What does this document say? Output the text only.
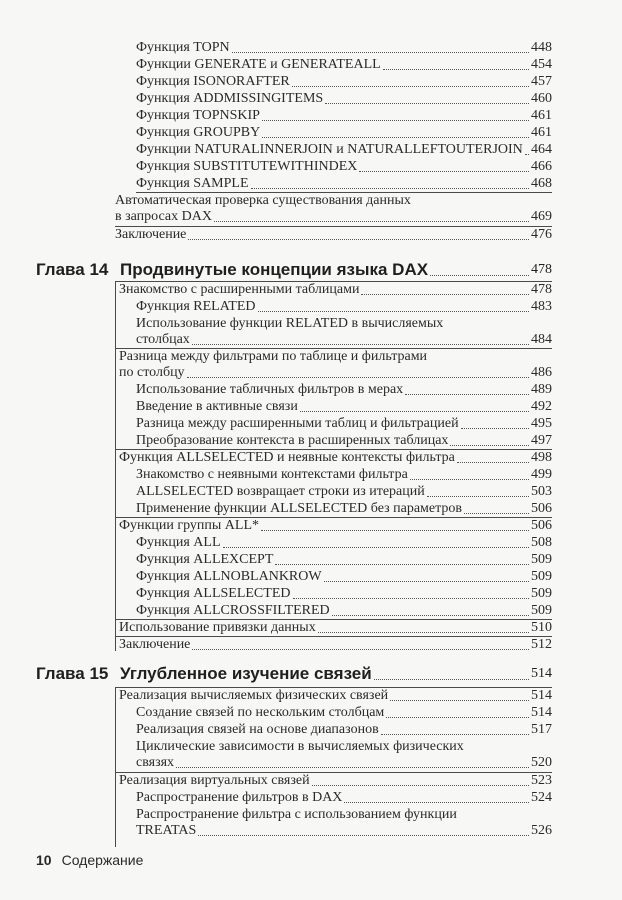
Функция TOPN	448
Функции GENERATE и GENERATEALL	454
Функция ISONORAFTER	457
Функция ADDMISSINGITEMS	460
Функция TOPNSKIP	461
Функция GROUPBY	461
Функции NATURALINNERJOIN и NATURALLEFTOUTERJOIN 464
Функция SUBSTITUTEWITHINDEX	466
Функция SAMPLE	468
Автоматическая проверка существования данных
в запросах DAX	469
Заключение	476
Глава 14 Продвинутые концепции языка DAX	478
Знакомство с расширенными таблицами	478
Функция RELATED	483
Использование функции RELATED в вычисляемых
столбцах	484
Разница между фильтрами по таблице и фильтрами
по столбцу	486
Использование табличных фильтров в мерах	489
Введение в активные связи	492
Разница между расширенными таблиц и фильтрацией	495
Преобразование контекста в расширенных таблицах	497
Функция ALLSELECTED и неявные контексты фильтра	498
Знакомство с неявными контекстами фильтра	499
ALLSELECTED возвращает строки из итераций	503
Применение функции ALLSELECTED без параметров	506
Функции группы ALL*	506
Функция ALL	508
Функция ALLEXCEPT	509
Функция ALLNOBLANKROW	509
Функция ALLSELECTED	509
Функция ALLCROSSFILTERED	509
Использование привязки данных	510
Заключение	512
Глава 15 Углубленное изучение связей	514
Реализация вычисляемых физических связей	514
Создание связей по нескольким столбцам	514
Реализация связей на основе диапазонов	517
Циклические зависимости в вычисляемых физических
связях	520
Реализация виртуальных связей	523
Распространение фильтров в DAX	524
Распространение фильтра с использованием функции
TREATAS	526
10 Содержание
